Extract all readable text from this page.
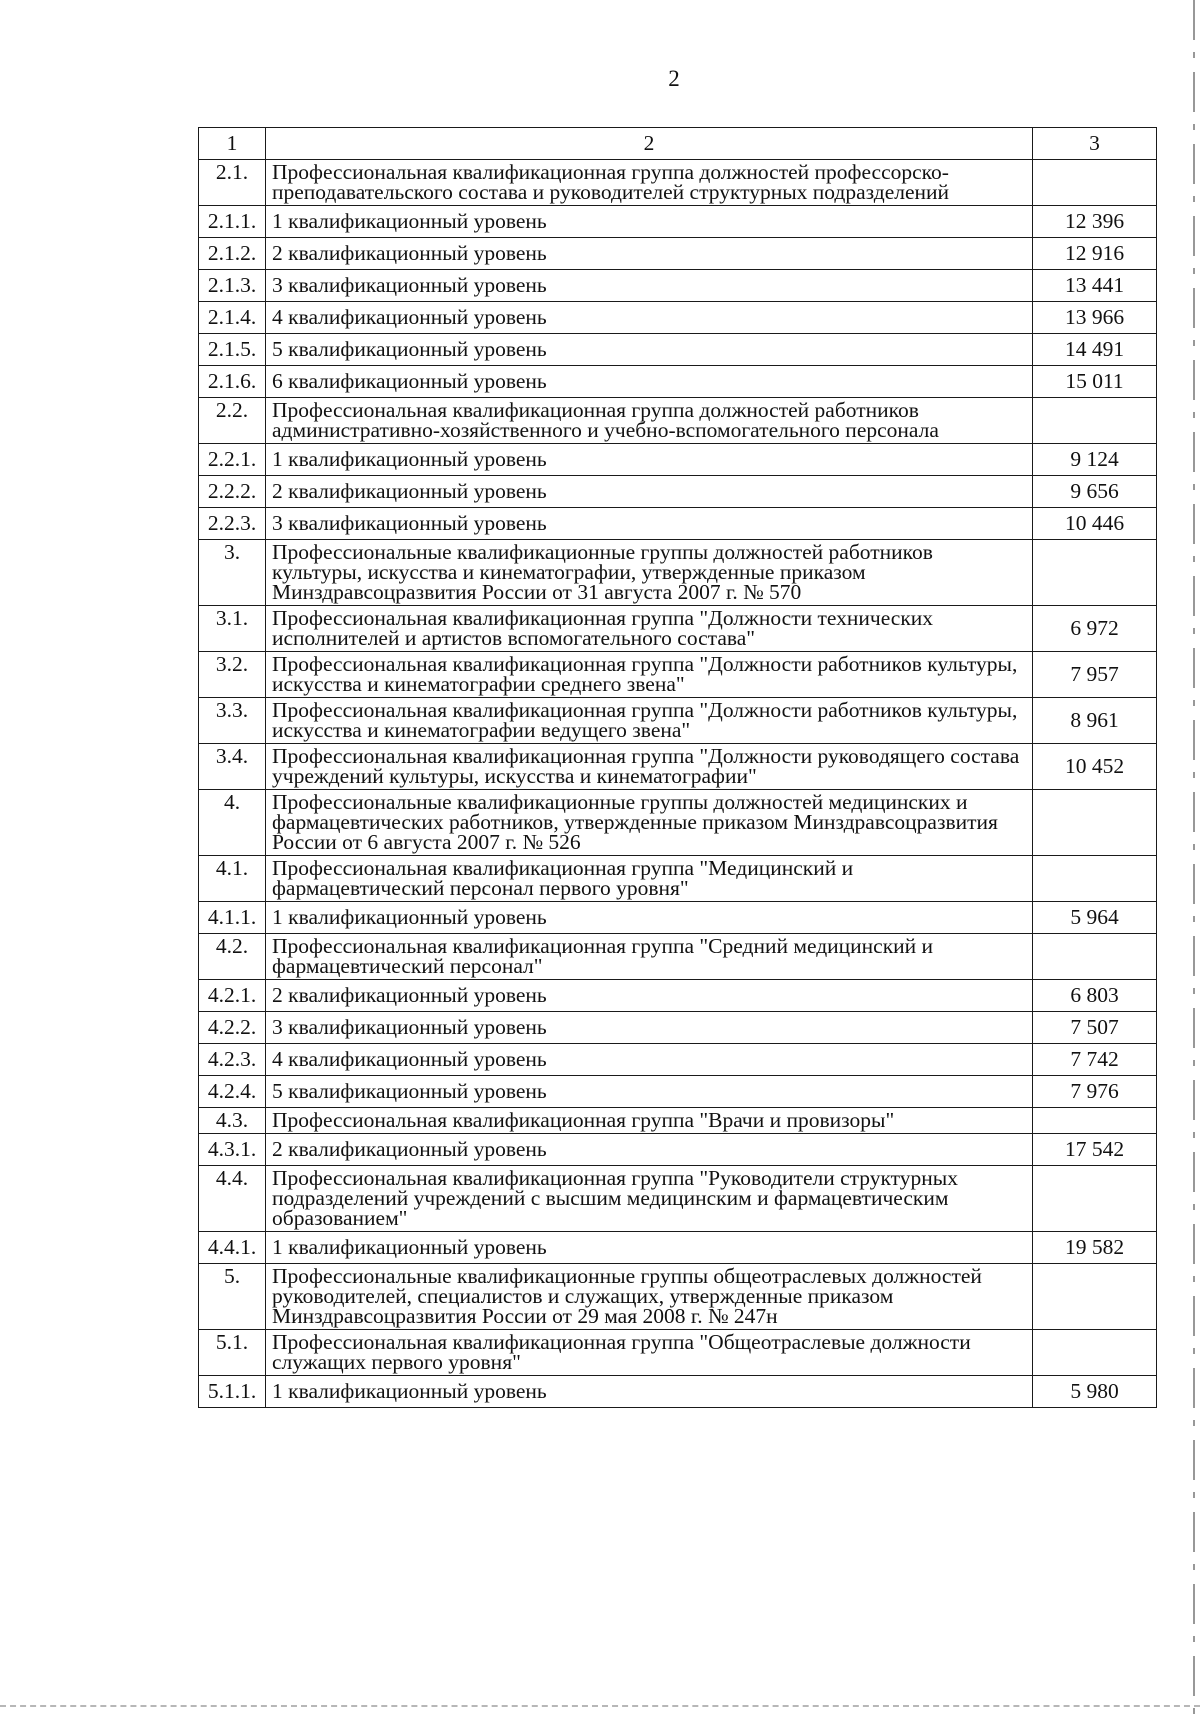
2
1	2	3
2.1.	Профессиональная квалификационная группа должностей профессорско-преподавательского состава и руководителей структурных подразделений	
2.1.1.	1 квалификационный уровень	12 396
2.1.2.	2 квалификационный уровень	12 916
2.1.3.	3 квалификационный уровень	13 441
2.1.4.	4 квалификационный уровень	13 966
2.1.5.	5 квалификационный уровень	14 491
2.1.6.	6 квалификационный уровень	15 011
2.2.	Профессиональная квалификационная группа должностей работников административно-хозяйственного и учебно-вспомогательного персонала	
2.2.1.	1 квалификационный уровень	9 124
2.2.2.	2 квалификационный уровень	9 656
2.2.3.	3 квалификационный уровень	10 446
3.	Профессиональные квалификационные группы должностей работников культуры, искусства и кинематографии, утвержденные приказом Минздравсоцразвития России от 31 августа 2007 г. № 570	
3.1.	Профессиональная квалификационная группа "Должности технических исполнителей и артистов вспомогательного состава"	6 972
3.2.	Профессиональная квалификационная группа "Должности работников культуры, искусства и кинематографии среднего звена"	7 957
3.3.	Профессиональная квалификационная группа "Должности работников культуры, искусства и кинематографии ведущего звена"	8 961
3.4.	Профессиональная квалификационная группа "Должности руководящего состава учреждений культуры, искусства и кинематографии"	10 452
4.	Профессиональные квалификационные группы должностей медицинских и фармацевтических работников, утвержденные приказом Минздравсоцразвития России от 6 августа 2007 г. № 526	
4.1.	Профессиональная квалификационная группа "Медицинский и фармацевтический персонал первого уровня"	
4.1.1.	1 квалификационный уровень	5 964
4.2.	Профессиональная квалификационная группа "Средний медицинский и фармацевтический персонал"	
4.2.1.	2 квалификационный уровень	6 803
4.2.2.	3 квалификационный уровень	7 507
4.2.3.	4 квалификационный уровень	7 742
4.2.4.	5 квалификационный уровень	7 976
4.3.	Профессиональная квалификационная группа "Врачи и провизоры"	
4.3.1.	2 квалификационный уровень	17 542
4.4.	Профессиональная квалификационная группа "Руководители структурных подразделений учреждений с высшим медицинским и фармацевтическим образованием"	
4.4.1.	1 квалификационный уровень	19 582
5.	Профессиональные квалификационные группы общеотраслевых должностей руководителей, специалистов и служащих, утвержденные приказом Минздравсоцразвития России от 29 мая 2008 г. № 247н	
5.1.	Профессиональная квалификационная группа "Общеотраслевые должности служащих первого уровня"	
5.1.1.	1 квалификационный уровень	5 980
